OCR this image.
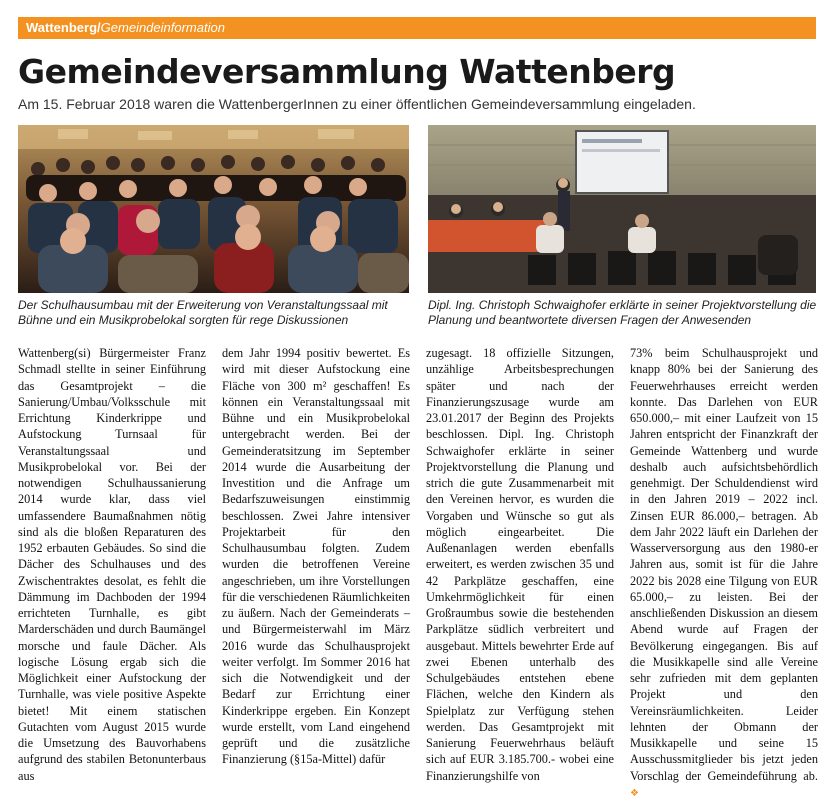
Wattenberg/Gemeindeinformation
Gemeindeversammlung Wattenberg
Am 15. Februar 2018 waren die WattenbergerInnen zu einer öffentlichen Gemeindeversammlung eingeladen.
Der Schulhausumbau mit der Erweiterung von Veranstaltungssaal mit Bühne und ein Musikprobelokal sorgten für rege Diskussionen
Dipl. Ing. Christoph Schwaighofer erklärte in seiner Projektvorstellung die Planung und beantwortete diversen Fragen der Anwesenden
Wattenberg(si) Bürgermeister Franz Schmadl stellte in seiner Einführung das Gesamtprojekt – die Sanierung/Umbau/Volksschule mit Errichtung Kinderkrippe und Aufstockung Turnsaal für Veranstaltungssaal und Musikprobelokal vor. Bei der notwendigen Schulhaussanierung 2014 wurde klar, dass viel umfassendere Baumaßnahmen nötig sind als die bloßen Reparaturen des 1952 erbauten Gebäudes. So sind die Dächer des Schulhauses und des Zwischentraktes desolat, es fehlt die Dämmung im Dachboden der 1994 errichteten Turnhalle, es gibt Marderschäden und durch Baumängel morsche und faule Dächer. Als logische Lösung ergab sich die Möglichkeit einer Aufstockung der Turnhalle, was viele positive Aspekte bietet! Mit einem statischen Gutachten vom August 2015 wurde die Umsetzung des Bauvorhabens aufgrund des stabilen Betonunterbaus aus
dem Jahr 1994 positiv bewertet. Es wird mit dieser Aufstockung eine Fläche von 300 m² geschaffen! Es können ein Veranstaltungssaal mit Bühne und ein Musikprobelokal untergebracht werden. Bei der Gemeinderatsitzung im September 2014 wurde die Ausarbeitung der Investition und die Anfrage um Bedarfszuweisungen einstimmig beschlossen. Zwei Jahre intensiver Projektarbeit für den Schulhausumbau folgten. Zudem wurden die betroffenen Vereine angeschrieben, um ihre Vorstellungen für die verschiedenen Räumlichkeiten zu äußern. Nach der Gemeinderats – und Bürgermeisterwahl im März 2016 wurde das Schulhausprojekt weiter verfolgt. Im Sommer 2016 hat sich die Notwendigkeit und der Bedarf zur Errichtung einer Kinderkrippe ergeben. Ein Konzept wurde erstellt, vom Land eingehend geprüft und die zusätzliche Finanzierung (§15a-Mittel) dafür
zugesagt. 18 offizielle Sitzungen, unzählige Arbeitsbesprechungen später und nach der Finanzierungszusage wurde am 23.01.2017 der Beginn des Projekts beschlossen. Dipl. Ing. Christoph Schwaighofer erklärte in seiner Projektvorstellung die Planung und strich die gute Zusammenarbeit mit den Vereinen hervor, es wurden die Vorgaben und Wünsche so gut als möglich eingearbeitet. Die Außenanlagen werden ebenfalls erweitert, es werden zwischen 35 und 42 Parkplätze geschaffen, eine Umkehrmöglichkeit für einen Großraumbus sowie die bestehenden Parkplätze südlich verbreitert und ausgebaut. Mittels bewehrter Erde auf zwei Ebenen unterhalb des Schulgebäudes entstehen ebene Flächen, welche den Kindern als Spielplatz zur Verfügung stehen werden. Das Gesamtprojekt mit Sanierung Feuerwehrhaus beläuft sich auf EUR 3.185.700.- wobei eine Finanzierungshilfe von
73% beim Schulhausprojekt und knapp 80% bei der Sanierung des Feuerwehrhauses erreicht werden konnte. Das Darlehen von EUR 650.000,– mit einer Laufzeit von 15 Jahren entspricht der Finanzkraft der Gemeinde Wattenberg und wurde deshalb auch aufsichtsbehördlich genehmigt. Der Schuldendienst wird in den Jahren 2019 – 2022 incl. Zinsen EUR 86.000,– betragen. Ab dem Jahr 2022 läuft ein Darlehen der Wasserversorgung aus den 1980-er Jahren aus, somit ist für die Jahre 2022 bis 2028 eine Tilgung von EUR 65.000,– zu leisten. Bei der anschließenden Diskussion an diesem Abend wurde auf Fragen der Bevölkerung eingegangen. Bis auf die Musikkapelle sind alle Vereine sehr zufrieden mit dem geplanten Projekt und den Vereinsräumlichkeiten. Leider lehnten der Obmann der Musikkapelle und seine 15 Ausschussmitglieder bis jetzt jeden Vorschlag der Gemeindeführung ab. ❖
